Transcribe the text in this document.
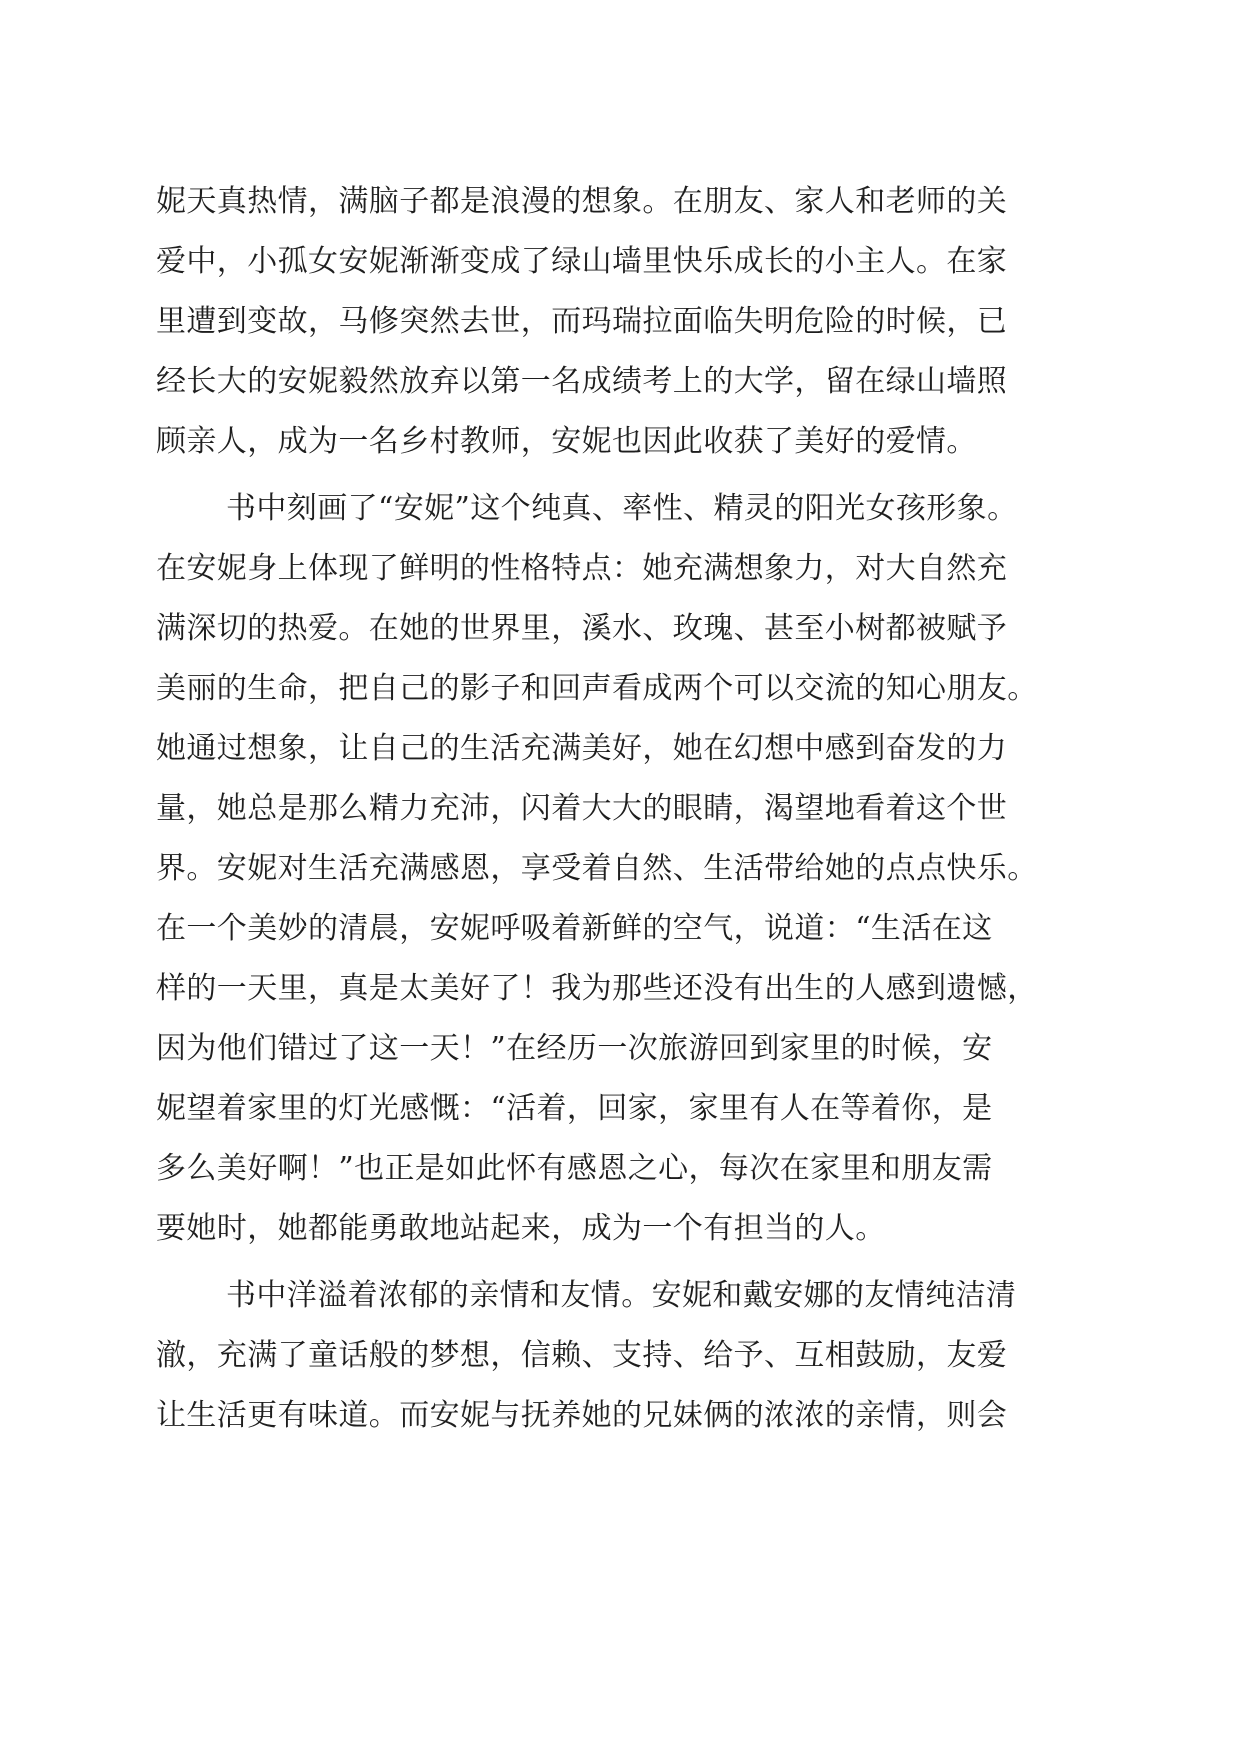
妮天真热情，满脑子都是浪漫的想象。在朋友、家人和老师的关
爱中，小孤女安妮渐渐变成了绿山墙里快乐成长的小主人。在家
里遭到变故，马修突然去世，而玛瑞拉面临失明危险的时候，已
经长大的安妮毅然放弃以第一名成绩考上的大学，留在绿山墙照
顾亲人，成为一名乡村教师，安妮也因此收获了美好的爱情。
书中刻画了“安妮”这个纯真、率性、精灵的阳光女孩形象。
在安妮身上体现了鲜明的性格特点：她充满想象力，对大自然充
满深切的热爱。在她的世界里，溪水、玫瑰、甚至小树都被赋予
美丽的生命，把自己的影子和回声看成两个可以交流的知心朋友。
她通过想象，让自己的生活充满美好，她在幻想中感到奋发的力
量，她总是那么精力充沛，闪着大大的眼睛，渴望地看着这个世
界。安妮对生活充满感恩，享受着自然、生活带给她的点点快乐。
在一个美妙的清晨，安妮呼吸着新鲜的空气，说道：“生活在这
样的一天里，真是太美好了！我为那些还没有出生的人感到遗憾，
因为他们错过了这一天！”在经历一次旅游回到家里的时候，安
妮望着家里的灯光感慨：“活着，回家，家里有人在等着你，是
多么美好啊！”也正是如此怀有感恩之心，每次在家里和朋友需
要她时，她都能勇敢地站起来，成为一个有担当的人。
书中洋溢着浓郁的亲情和友情。安妮和戴安娜的友情纯洁清
澈，充满了童话般的梦想，信赖、支持、给予、互相鼓励，友爱
让生活更有味道。而安妮与抚养她的兄妹俩的浓浓的亲情，则会
